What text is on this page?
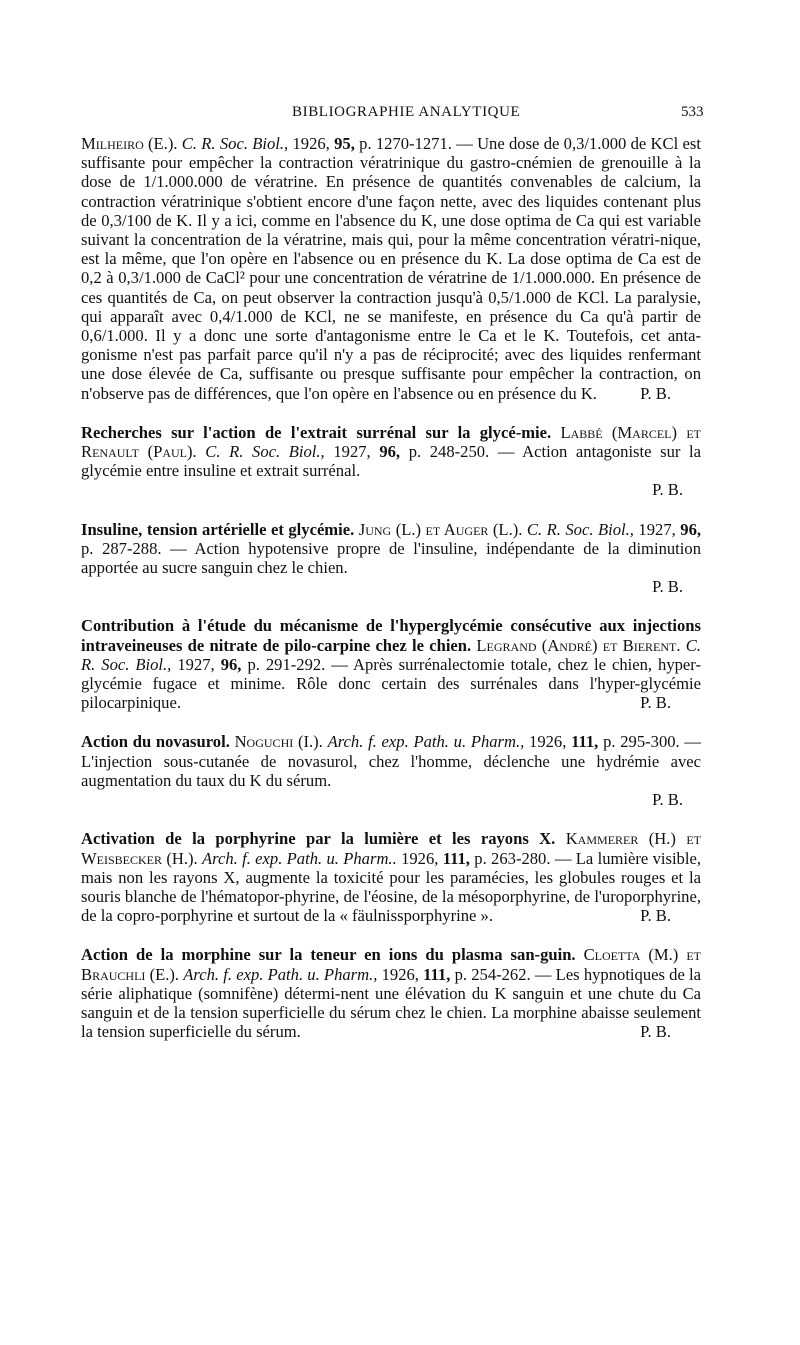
BIBLIOGRAPHIE ANALYTIQUE	533

Milheiro (E.). C. R. Soc. Biol., 1926, 95, p. 1270-1271. — Une dose de 0,3/1.000 de KCl est suffisante pour empêcher la contraction vératrinique du gastro-cnémien de grenouille à la dose de 1/1.000.000 de vératrine. En présence de quantités convenables de calcium, la contraction vératrinique s'obtient encore d'une façon nette, avec des liquides contenant plus de 0,3/100 de K. Il y a ici, comme en l'absence du K, une dose optima de Ca qui est variable suivant la concentration de la vératrine, mais qui, pour la même concentration vératri-nique, est la même, que l'on opère en l'absence ou en présence du K. La dose optima de Ca est de 0,2 à 0,3/1.000 de CaCl² pour une concentration de vératrine de 1/1.000.000. En présence de ces quantités de Ca, on peut observer la contraction jusqu'à 0,5/1.000 de KCl. La paralysie, qui apparaît avec 0,4/1.000 de KCl, ne se manifeste, en présence du Ca qu'à partir de 0,6/1.000. Il y a donc une sorte d'antagonisme entre le Ca et le K. Toutefois, cet anta-gonisme n'est pas parfait parce qu'il n'y a pas de réciprocité; avec des liquides renfermant une dose élevée de Ca, suffisante ou presque suffisante pour empêcher la contraction, on n'observe pas de différences, que l'on opère en l'absence ou en présence du K.	P. B.

Recherches sur l'action de l'extrait surrénal sur la glycé-mie. Labbé (Marcel) et Renault (Paul). C. R. Soc. Biol., 1927, 96, p. 248-250. — Action antagoniste sur la glycémie entre insuline et extrait surrénal.

P. B.

Insuline, tension artérielle et glycémie. Jung (L.) et Auger (L.). C. R. Soc. Biol., 1927, 96, p. 287-288. — Action hypotensive propre de l'insuline, indépendante de la diminution apportée au sucre sanguin chez le chien.

P. B.

Contribution à l'étude du mécanisme de l'hyperglycémie consécutive aux injections intraveineuses de nitrate de pilo-carpine chez le chien. Legrand (André) et Bierent. C. R. Soc. Biol., 1927, 96, p. 291-292. — Après surrénalectomie totale, chez le chien, hyper-glycémie fugace et minime. Rôle donc certain des surrénales dans l'hyper-glycémie pilocarpinique.	P. B.

Action du novasurol. Noguchi (I.). Arch. f. exp. Path. u. Pharm., 1926, 111, p. 295-300. — L'injection sous-cutanée de novasurol, chez l'homme, déclenche une hydrémie avec augmentation du taux du K du sérum.

P. B.

Activation de la porphyrine par la lumière et les rayons X. Kammerer (H.) et Weisbecker (H.). Arch. f. exp. Path. u. Pharm.. 1926, 111, p. 263-280. — La lumière visible, mais non les rayons X, augmente la toxicité pour les paramécies, les globules rouges et la souris blanche de l'hématopor-phyrine, de l'éosine, de la mésoporphyrine, de l'uroporphyrine, de la copro-porphyrine et surtout de la « fäulnissporphyrine ».	P. B.

Action de la morphine sur la teneur en ions du plasma san-guin. Cloetta (M.) et Brauchli (E.). Arch. f. exp. Path. u. Pharm., 1926, 111, p. 254-262. — Les hypnotiques de la série aliphatique (somnifène) détermi-nent une élévation du K sanguin et une chute du Ca sanguin et de la tension superficielle du sérum chez le chien. La morphine abaisse seulement la tension superficielle du sérum.	P. B.
